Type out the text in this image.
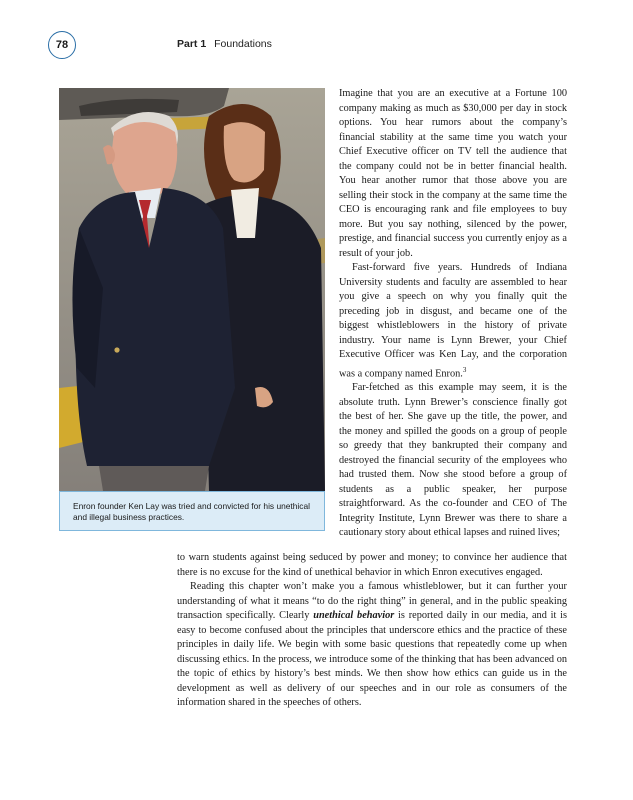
78	Part 1 Foundations
Enron founder Ken Lay was tried and convicted for his unethical and illegal business practices.

Imagine that you are an executive at a Fortune 100 company making as much as $30,000 per day in stock options. You hear rumors about the company’s financial stability at the same time you watch your Chief Executive officer on TV tell the audience that the company could not be in better financial health. You hear another rumor that those above you are selling their stock in the company at the same time the CEO is encouraging rank and file employees to buy more. But you say nothing, silenced by the power, prestige, and financial success you currently enjoy as a result of your job.

Fast-forward five years. Hundreds of Indiana University students and faculty are assembled to hear you give a speech on why you finally quit the preceding job in disgust, and became one of the biggest whistleblowers in the history of private industry. Your name is Lynn Brewer, your Chief Executive Officer was Ken Lay, and the corporation was a company named Enron.$^3$

Far-fetched as this example may seem, it is the absolute truth. Lynn Brewer’s conscience finally got the best of her. She gave up the title, the power, and the money and spilled the goods on a group of people so greedy that they bankrupted their company and destroyed the financial security of the employees who had trusted them. Now she stood before a group of students as a public speaker, her purpose straightforward. As the co-founder and CEO of The Integrity Institute, Lynn Brewer was there to share a cautionary story about ethical lapses and ruined lives;

to warn students against being seduced by power and money; to convince her audience that there is no excuse for the kind of unethical behavior in which Enron executives engaged.

Reading this chapter won’t make you a famous whistleblower, but it can further your understanding of what it means “to do the right thing” in general, and in the public speaking transaction specifically. Clearly unethical behavior is reported daily in our media, and it is easy to become confused about the principles that underscore ethics and the practice of these principles in daily life. We begin with some basic questions that repeatedly come up when discussing ethics. In the process, we introduce some of the thinking that has been advanced on the topic of ethics by history’s best minds. We then show how ethics can guide us in the development as well as delivery of our speeches and in our role as consumers of the information shared in the speeches of others.
